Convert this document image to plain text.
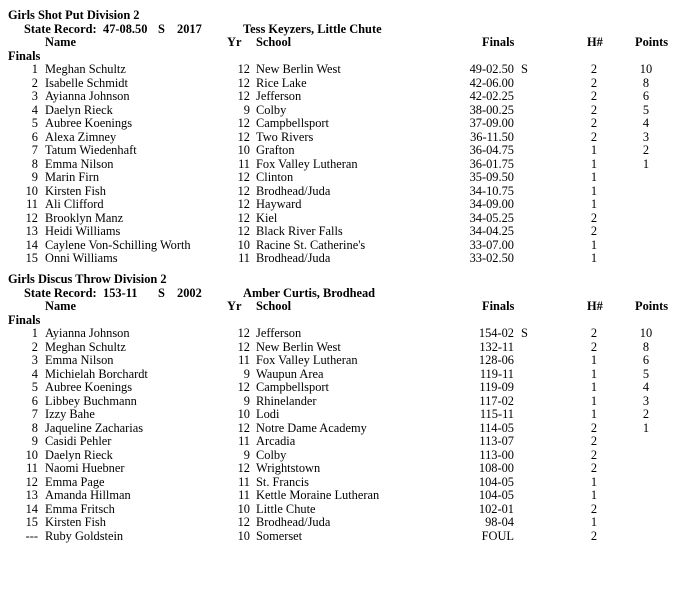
Girls Shot Put Division 2
State Record: 47-08.50 S 2017	Tess Keyzers, Little Chute
Name	Yr School	Finals	H#	Points
Finals
1 Meghan Schultz	12 New Berlin West	49-02.50 S	2	10
2 Isabelle Schmidt	12 Rice Lake	42-06.00	2	8
3 Ayianna Johnson	12 Jefferson	42-02.25	2	6
4 Daelyn Rieck	9 Colby	38-00.25	2	5
5 Aubree Koenings	12 Campbellsport	37-09.00	2	4
6 Alexa Zimney	12 Two Rivers	36-11.50	2	3
7 Tatum Wiedenhaft	10 Grafton	36-04.75	1	2
8 Emma Nilson	11 Fox Valley Lutheran	36-01.75	1	1
9 Marin Firn	12 Clinton	35-09.50	1
10 Kirsten Fish	12 Brodhead/Juda	34-10.75	1
11 Ali Clifford	12 Hayward	34-09.00	1
12 Brooklyn Manz	12 Kiel	34-05.25	2
13 Heidi Williams	12 Black River Falls	34-04.25	2
14 Caylene Von-Schilling Worth	10 Racine St. Catherine's	33-07.00	1
15 Onni Williams	11 Brodhead/Juda	33-02.50	1
Girls Discus Throw Division 2
State Record: 153-11 S 2002	Amber Curtis, Brodhead
Name	Yr School	Finals	H#	Points
Finals
1 Ayianna Johnson	12 Jefferson	154-02 S	2	10
2 Meghan Schultz	12 New Berlin West	132-11	2	8
3 Emma Nilson	11 Fox Valley Lutheran	128-06	1	6
4 Michielah Borchardt	9 Waupun Area	119-11	1	5
5 Aubree Koenings	12 Campbellsport	119-09	1	4
6 Libbey Buchmann	9 Rhinelander	117-02	1	3
7 Izzy Bahe	10 Lodi	115-11	1	2
8 Jaqueline Zacharias	12 Notre Dame Academy	114-05	2	1
9 Casidi Pehler	11 Arcadia	113-07	2
10 Daelyn Rieck	9 Colby	113-00	2
11 Naomi Huebner	12 Wrightstown	108-00	2
12 Emma Page	11 St. Francis	104-05	1
13 Amanda Hillman	11 Kettle Moraine Lutheran	104-05	1
14 Emma Fritsch	10 Little Chute	102-01	2
15 Kirsten Fish	12 Brodhead/Juda	98-04	1
--- Ruby Goldstein	10 Somerset	FOUL	2
